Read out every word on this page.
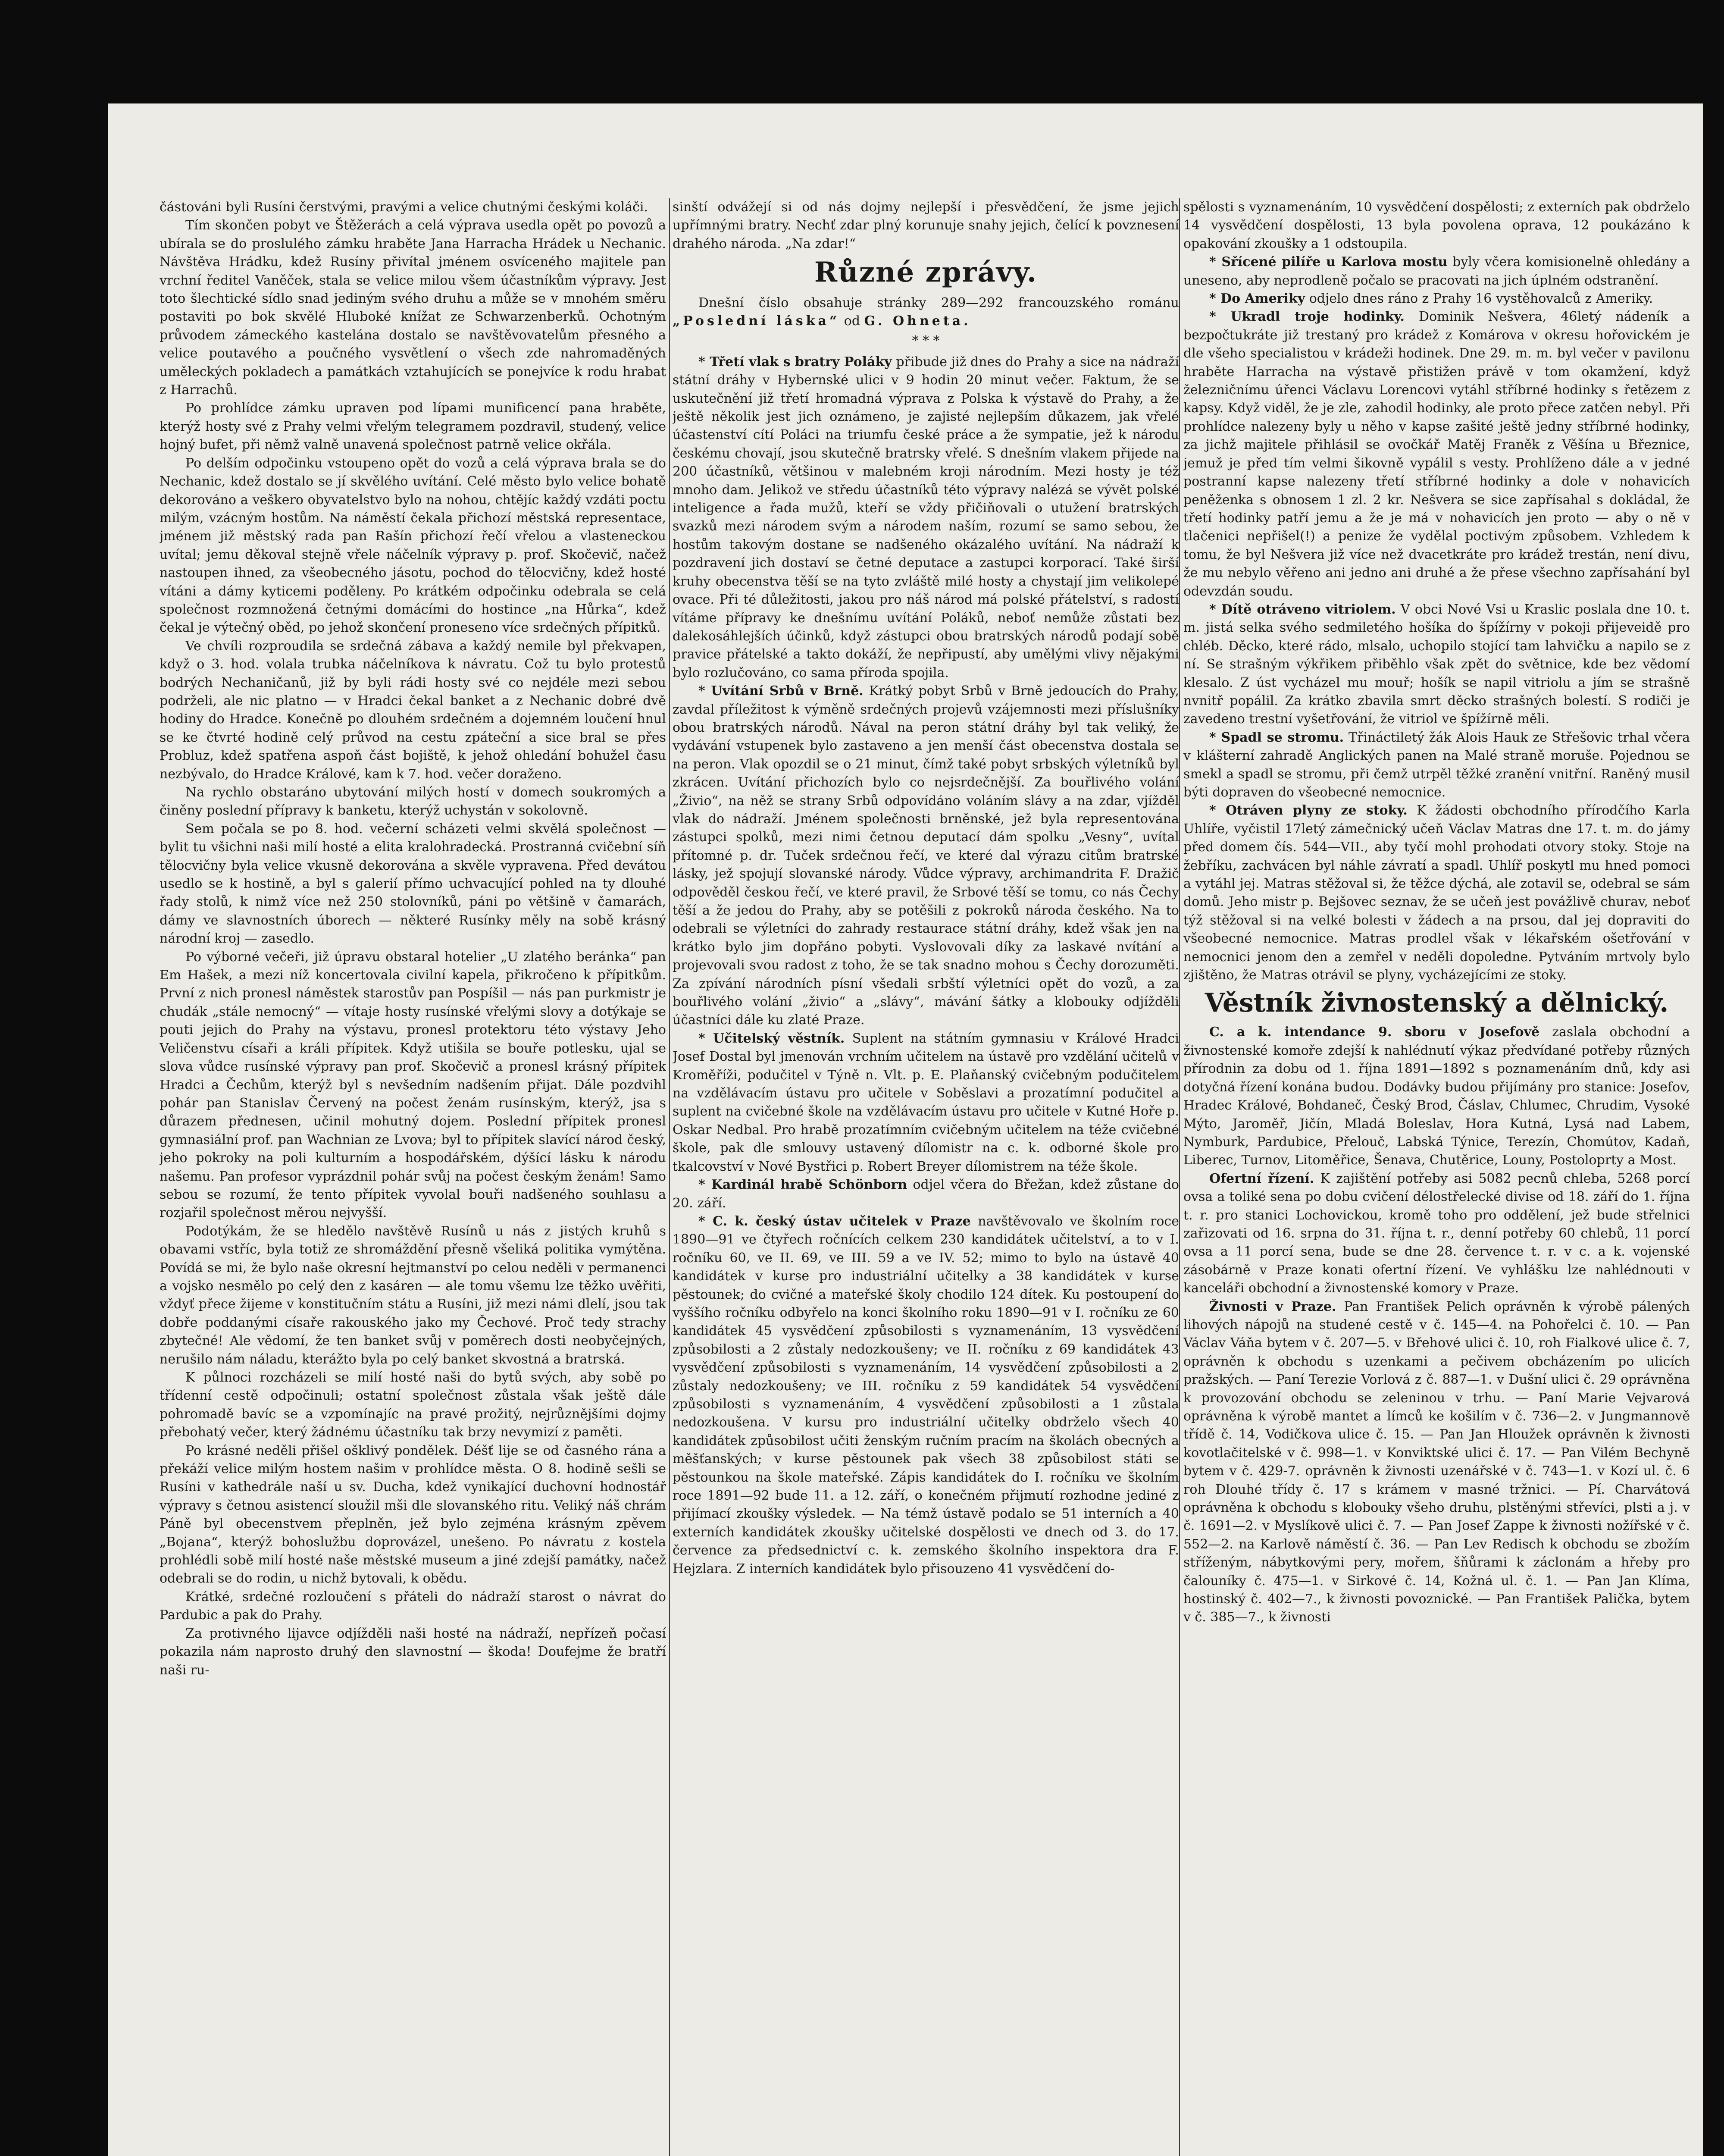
částováni byli Rusíni čerstvými, pravými a velice chutnými českými koláči.

Tím skončen pobyt ve Štěžerách a celá výprava usedla opět po povozů a ubírala se do proslulého zámku hraběte Jana Harracha Hrádek u Nechanic. Návštěva Hrádku, kdež Rusíny přivítal jménem osvíceného majitele pan vrchní ředitel Vaněček, stala se velice milou všem účastníkům výpravy. Jest toto šlechtické sídlo snad jediným svého druhu a může se v mnohém směru postaviti po bok skvělé Hluboké knížat ze Schwarzenberků. Ochotným průvodem zámeckého kastelána dostalo se navštěvovatelům přesného a velice poutavého a poučného vysvětlení o všech zde nahromaděných uměleckých pokladech a památkách vztahujících se ponejvíce k rodu hrabat z Harrachů.

Po prohlídce zámku upraven pod lípami munificencí pana hraběte, kterýž hosty své z Prahy velmi vřelým telegramem pozdravil, studený, velice hojný bufet, při němž valně unavená společnost patrně velice okřála.

Po delším odpočinku vstoupeno opět do vozů a celá výprava brala se do Nechanic, kdež dostalo se jí skvělého uvítání. Celé město bylo velice bohatě dekorováno a veškero obyvatelstvo bylo na nohou, chtějíc každý vzdáti poctu milým, vzácným hostům. Na náměstí čekala přichozí městská representace, jménem již městský rada pan Rašín přichozí řečí vřelou a vlasteneckou uvítal; jemu děkoval stejně vřele náčelník výpravy p. prof. Skočevič, načež nastoupen ihned, za všeobecného jásotu, pochod do tělocvičny, kdež hosté vítáni a dámy kyticemi poděleny. Po krátkém odpočinku odebrala se celá společnost rozmnožená četnými domácími do hostince „na Hůrka“, kdež čekal je výtečný oběd, po jehož skončení proneseno více srdečných přípitků.

Ve chvíli rozproudila se srdečná zábava a každý nemile byl překvapen, když o 3. hod. volala trubka náčelníkova k návratu. Což tu bylo protestů bodrých Nechaničanů, již by byli rádi hosty své co nejdéle mezi sebou podrželi, ale nic platno — v Hradci čekal banket a z Nechanic dobré dvě hodiny do Hradce. Konečně po dlouhém srdečném a dojemném loučení hnul se ke čtvrté hodině celý průvod na cestu zpáteční a sice bral se přes Probluz, kdež spatřena aspoň část bojiště, k jehož ohledání bohužel času nezbývalo, do Hradce Králové, kam k 7. hod. večer doraženo.

Na rychlo obstaráno ubytování milých hostí v domech soukromých a činěny poslední přípravy k banketu, kterýž uchystán v sokolovně.

Sem počala se po 8. hod. večerní scházeti velmi skvělá společnost — bylit tu všichni naši milí hosté a elita kralohradecká. Prostranná cvičební síň tělocvičny byla velice vkusně dekorována a skvěle vypravena. Před devátou usedlo se k hostině, a byl s galerií přímo uchvacující pohled na ty dlouhé řady stolů, k nimž více než 250 stolovníků, páni po většině v čamarách, dámy ve slavnostních úborech — některé Rusínky měly na sobě krásný národní kroj — zasedlo.

Po výborné večeři, již úpravu obstaral hotelier „U zlatého beránka“ pan Em Hašek, a mezi níž koncertovala civilní kapela, přikročeno k přípitkům. První z nich pronesl náměstek starostův pan Pospíšil — nás pan purkmistr je chudák „stále nemocný“ — vítaje hosty rusínské vřelými slovy a dotýkaje se pouti jejich do Prahy na výstavu, pronesl protektoru této výstavy Jeho Veličenstvu císaři a králi přípitek. Když utišila se bouře potlesku, ujal se slova vůdce rusínské výpravy pan prof. Skočevič a pronesl krásný přípitek Hradci a Čechům, kterýž byl s nevšedním nadšením přijat. Dále pozdvihl pohár pan Stanislav Červený na počest ženám rusínským, kterýž, jsa s důrazem přednesen, učinil mohutný dojem. Poslední přípitek pronesl gymnasiální prof. pan Wachnian ze Lvova; byl to přípitek slavící národ český, jeho pokroky na poli kulturním a hospodářském, dýšící lásku k národu našemu. Pan profesor vyprázdnil pohár svůj na počest českým ženám! Samo sebou se rozumí, že tento přípitek vyvolal bouři nadšeného souhlasu a rozjařil společnost měrou nejvyšší.

Podotýkám, že se hledělo navštěvě Rusínů u nás z jistých kruhů s obavami vstříc, byla totiž ze shromáždění přesně všeliká politika vymýtěna. Povídá se mi, že bylo naše okresní hejtmanství po celou neděli v permanenci a vojsko nesmělo po celý den z kasáren — ale tomu všemu lze těžko uvěřiti, vždyť přece žijeme v konstitučním státu a Rusíni, již mezi námi dlelí, jsou tak dobře poddanými císaře rakouského jako my Čechové. Proč tedy strachy zbytečné! Ale vědomí, že ten banket svůj v poměrech dosti neobyčejných, nerušilo nám náladu, kterážto byla po celý banket skvostná a bratrská.

K půlnoci rozcházeli se milí hosté naši do bytů svých, aby sobě po třídenní cestě odpočinuli; ostatní společnost zůstala však ještě dále pohromadě bavíc se a vzpomínajíc na pravé prožitý, nejrůznějšími dojmy přebohatý večer, který žádnému účastníku tak brzy nevymizí z paměti.

Po krásné neděli přišel ošklivý pondělek. Déšť lije se od časného rána a překáží velice milým hostem našim v prohlídce města. O 8. hodině sešli se Rusíni v kathedrále naší u sv. Ducha, kdež vynikající duchovní hodnostář výpravy s četnou asistencí sloužil mši dle slovanského ritu. Veliký náš chrám Páně byl obecenstvem přeplněn, jež bylo zejména krásným zpěvem „Bojana“, kterýž bohoslužbu doprovázel, unešeno. Po návratu z kostela prohlédli sobě milí hosté naše městské museum a jiné zdejší památky, načež odebrali se do rodin, u nichž bytovali, k obědu.

Krátké, srdečné rozloučení s přáteli do nádraží starost o návrat do Pardubic a pak do Prahy.

Za protivného lijavce odjížděli naši hosté na nádraží, nepřízeň počasí pokazila nám naprosto druhý den slavnostní — škoda! Doufejme že bratří naši ru-

sinští odvážejí si od nás dojmy nejlepší i přesvědčení, že jsme jejich upřímnými bratry. Nechť zdar plný korunuje snahy jejich, čelící k povznesení drahého národa. „Na zdar!“

Různé zprávy.

Dnešní číslo obsahuje stránky 289—292 francouzského románu „Poslední láska“ od G. Ohneta.

* * *

* Třetí vlak s bratry Poláky přibude již dnes do Prahy a sice na nádraží státní dráhy v Hybernské ulici v 9 hodin 20 minut večer. Faktum, že se uskutečnění již třetí hromadná výprava z Polska k výstavě do Prahy, a že ještě několik jest jich oznámeno, je zajisté nejlepším důkazem, jak vřelé účastenství cítí Poláci na triumfu české práce a že sympatie, jež k národu českému chovají, jsou skutečně bratrsky vřelé. S dnešním vlakem přijede na 200 účastníků, většinou v malebném kroji národním. Mezi hosty je též mnoho dam. Jelikož ve středu účastníků této výpravy nalézá se vývět polské inteligence a řada mužů, kteří se vždy přičiňovali o utužení bratrských svazků mezi národem svým a národem naším, rozumí se samo sebou, že hostům takovým dostane se nadšeného okázalého uvítání. Na nádraží k pozdravení jich dostaví se četné deputace a zastupci korporací. Také širší kruhy obecenstva těší se na tyto zvláště milé hosty a chystají jim velikolepé ovace. Při té důležitosti, jakou pro náš národ má polské přátelství, s radostí vítáme přípravy ke dnešnímu uvítání Poláků, neboť nemůže zůstati bez dalekosáhlejších účinků, když zástupci obou bratrských národů podají sobě pravice přátelské a takto dokáží, že nepřipustí, aby umělými vlivy nějakými bylo rozlučováno, co sama příroda spojila.

* Uvítání Srbů v Brně. Krátký pobyt Srbů v Brně jedoucích do Prahy, zavdal příležitost k výměně srdečných projevů vzájemnosti mezi příslušníky obou bratrských národů. Nával na peron státní dráhy byl tak veliký, že vydávání vstupenek bylo zastaveno a jen menší část obecenstva dostala se na peron. Vlak opozdil se o 21 minut, čímž také pobyt srbských výletníků byl zkrácen. Uvítání přichozích bylo co nejsrdečnější. Za bouřlivého volání „Živio“, na něž se strany Srbů odpovídáno voláním slávy a na zdar, vjížděl vlak do nádraží. Jménem společnosti brněnské, jež byla representována zástupci spolků, mezi nimi četnou deputací dám spolku „Vesny“, uvítal přítomné p. dr. Tuček srdečnou řečí, ve které dal výrazu citům bratrské lásky, jež spojují slovanské národy. Vůdce výpravy, archimandrita F. Dražič odpověděl českou řečí, ve které pravil, že Srbové těší se tomu, co nás Čechy těší a že jedou do Prahy, aby se potěšili z pokroků národa českého. Na to odebrali se výletníci do zahrady restaurace státní dráhy, kdež však jen na krátko bylo jim dopřáno pobyti. Vyslovovali díky za laskavé nvítání a projevovali svou radost z toho, že se tak snadno mohou s Čechy dorozuměti. Za zpívání národních písní všedali srbští výletníci opět do vozů, a za bouřlivého volání „živio“ a „slávy“, mávání šátky a klobouky odjížděli účastníci dále ku zlaté Praze.

* Učitelský věstník. Suplent na státním gymnasiu v Králové Hradci Josef Dostal byl jmenován vrchním učitelem na ústavě pro vzdělání učitelů v Kroměříži, podučitel v Týně n. Vlt. p. E. Plaňanský cvičebným podučitelem na vzdělávacím ústavu pro učitele v Soběslavi a prozatímní podučitel a suplent na cvičebné škole na vzdělávacím ústavu pro učitele v Kutné Hoře p. Oskar Nedbal. Pro hrabě prozatímním cvičebným učitelem na téže cvičebné škole, pak dle smlouvy ustavený dílomistr na c. k. odborné škole pro tkalcovství v Nové Bystřici p. Robert Breyer dílomistrem na téže škole.

* Kardinál hrabě Schönborn odjel včera do Břežan, kdež zůstane do 20. září.

* C. k. český ústav učitelek v Praze navštěvovalo ve školním roce 1890—91 ve čtyřech ročnících celkem 230 kandidátek učitelství, a to v I. ročníku 60, ve II. 69, ve III. 59 a ve IV. 52; mimo to bylo na ústavě 40 kandidátek v kurse pro industriální učitelky a 38 kandidátek v kurse pěstounek; do cvičné a mateřské školy chodilo 124 dítek. Ku postoupení do vyššího ročníku odbyřelo na konci školního roku 1890—91 v I. ročníku ze 60 kandidátek 45 vysvědčení způsobilosti s vyznamenáním, 13 vysvědčení způsobilosti a 2 zůstaly nedozkoušeny; ve II. ročníku z 69 kandidátek 43 vysvědčení způsobilosti s vyznamenáním, 14 vysvědčení způsobilosti a 2 zůstaly nedozkoušeny; ve III. ročníku z 59 kandidátek 54 vysvědčení způsobilosti s vyznamenáním, 4 vysvědčení způsobilosti a 1 zůstala nedozkoušena. V kursu pro industriální učitelky obdrželo všech 40 kandidátek způsobilost učiti ženským ručním pracím na školách obecných a měšťanských; v kurse pěstounek pak všech 38 způsobilost státi se pěstounkou na škole mateřské. Zápis kandidátek do I. ročníku ve školním roce 1891—92 bude 11. a 12. září, o konečném přijmutí rozhodne jediné z přijímací zkoušky výsledek. — Na témž ústavě podalo se 51 interních a 40 externích kandidátek zkoušky učitelské dospělosti ve dnech od 3. do 17. července za předsednictví c. k. zemského školního inspektora dra F. Hejzlara. Z interních kandidátek bylo přisouzeno 41 vysvědčení do-

spělosti s vyznamenáním, 10 vysvědčení dospělosti; z externích pak obdrželo 14 vysvědčení dospělosti, 13 byla povolena oprava, 12 poukázáno k opakování zkoušky a 1 odstoupila.

* Sřícené pilíře u Karlova mostu byly včera komisionelně ohledány a uneseno, aby neprodleně počalo se pracovati na jich úplném odstranění.

* Do Ameriky odjelo dnes ráno z Prahy 16 vystěhovalců z Ameriky.

* Ukradl troje hodinky. Dominik Nešvera, 46letý nádeník a bezpočtukráte již trestaný pro krádež z Komárova v okresu hořovickém je dle všeho specialistou v krádeži hodinek. Dne 29. m. m. byl večer v pavilonu hraběte Harracha na výstavě přistižen právě v tom okamžení, když železničnímu úřenci Václavu Lorencovi vytáhl stříbrné hodinky s řetězem z kapsy. Když viděl, že je zle, zahodil hodinky, ale proto přece zatčen nebyl. Při prohlídce nalezeny byly u něho v kapse zašité ještě jedny stříbrné hodinky, za jichž majitele přihlásil se ovočkář Matěj Franěk z Věšína u Březnice, jemuž je před tím velmi šikovně vypálil s vesty. Prohlíženo dále a v jedné postranní kapse nalezeny třetí stříbrné hodinky a dole v nohavicích peněženka s obnosem 1 zl. 2 kr. Nešvera se sice zapřísahal s dokládal, že třetí hodinky patří jemu a že je má v nohavicích jen proto — aby o ně v tlačenici nepřišel(!) a penize že vydělal poctivým způsobem. Vzhledem k tomu, že byl Nešvera již více než dvacetkráte pro krádež trestán, není divu, že mu nebylo věřeno ani jedno ani druhé a že přese všechno zapřísahání byl odevzdán soudu.

* Dítě otráveno vitriolem. V obci Nové Vsi u Kraslic poslala dne 10. t. m. jistá selka svého sedmiletého hošíka do špížírny v pokoji přijeveidě pro chléb. Děcko, které rádo, mlsalo, uchopilo stojící tam lahvičku a napilo se z ní. Se strašným výkřikem přiběhlo však zpět do světnice, kde bez vědomí klesalo. Z úst vycházel mu mouř; hošík se napil vitriolu a jím se strašně nvnitř popálil. Za krátko zbavila smrt děcko strašných bolestí. S rodiči je zavedeno trestní vyšetřování, že vitriol ve špížírně měli.

* Spadl se stromu. Třináctiletý žák Alois Hauk ze Střešovic trhal včera v klášterní zahradě Anglických panen na Malé straně moruše. Pojednou se smekl a spadl se stromu, při čemž utrpěl těžké zranění vnitřní. Raněný musil býti dopraven do všeobecné nemocnice.

* Otráven plyny ze stoky. K žádosti obchodního přírodčího Karla Uhlíře, vyčistil 17letý zámečnický učeň Václav Matras dne 17. t. m. do jámy před domem čís. 544—VII., aby tyčí mohl prohodati otvory stoky. Stoje na žebříku, zachvácen byl náhle závratí a spadl. Uhlíř poskytl mu hned pomoci a vytáhl jej. Matras stěžoval si, že těžce dýchá, ale zotavil se, odebral se sám domů. Jeho mistr p. Bejšovec seznav, že se učeň jest povážlivě churav, neboť týž stěžoval si na velké bolesti v žádech a na prsou, dal jej dopraviti do všeobecné nemocnice. Matras prodlel však v lékařském ošetřování v nemocnici jenom den a zemřel v neděli dopoledne. Pytváním mrtvoly bylo zjištěno, že Matras otrávil se plyny, vycházejícími ze stoky.

Věstník živnostenský a dělnický.

C. a k. intendance 9. sboru v Josefově zaslala obchodní a živnostenské komoře zdejší k nahlédnutí výkaz předvídané potřeby různých přírodnin za dobu od 1. října 1891—1892 s poznamenáním dnů, kdy asi dotyčná řízení konána budou. Dodávky budou přijímány pro stanice: Josefov, Hradec Králové, Bohdaneč, Český Brod, Čáslav, Chlumec, Chrudim, Vysoké Mýto, Jaroměř, Jičín, Mladá Boleslav, Hora Kutná, Lysá nad Labem, Nymburk, Pardubice, Přelouč, Labská Týnice, Terezín, Chomútov, Kadaň, Liberec, Turnov, Litoměřice, Šenava, Chutěrice, Louny, Postoloprty a Most.

Ofertní řízení. K zajištění potřeby asi 5082 pecnů chleba, 5268 porcí ovsa a toliké sena po dobu cvičení délostřelecké divise od 18. září do 1. října t. r. pro stanici Lochovickou, kromě toho pro oddělení, jež bude střelnici zařizovati od 16. srpna do 31. října t. r., denní potřeby 60 chlebů, 11 porcí ovsa a 11 porcí sena, bude se dne 28. července t. r. v c. a k. vojenské zásobárně v Praze konati ofertní řízení. Ve vyhlášku lze nahlédnouti v kanceláři obchodní a živnostenské komory v Praze.

Živnosti v Praze. Pan František Pelich oprávněn k výrobě pálených lihových nápojů na studené cestě v č. 145—4. na Pohořelci č. 10. — Pan Václav Váňa bytem v č. 207—5. v Břehové ulici č. 10, roh Fialkové ulice č. 7, oprávněn k obchodu s uzenkami a pečivem obcházením po ulicích pražských. — Paní Terezie Vorlová z č. 887—1. v Dušní ulici č. 29 oprávněna k provozování obchodu se zeleninou v trhu. — Paní Marie Vejvarová oprávněna k výrobě mantet a límců ke košilím v č. 736—2. v Jungmannově třídě č. 14, Vodičkova ulice č. 15. — Pan Jan Hloužek oprávněn k živnosti kovotlačitelské v č. 998—1. v Konviktské ulici č. 17. — Pan Vilém Bechyně bytem v č. 429-7. oprávněn k živnosti uzenářské v č. 743—1. v Kozí ul. č. 6 roh Dlouhé třídy č. 17 s krámem v masné tržnici. — Pí. Charvátová oprávněna k obchodu s klobouky všeho druhu, plstěnými střevíci, plsti a j. v č. 1691—2. v Myslíkově ulici č. 7. — Pan Josef Zappe k živnosti nožířské v č. 552—2. na Karlově náměstí č. 36. — Pan Lev Redisch k obchodu se zbožím stříženým, nábytkovými pery, mořem, šňůrami k záclonám a hřeby pro čalouníky č. 475—1. v Sirkové č. 14, Kožná ul. č. 1. — Pan Jan Klíma, hostinský č. 402—7., k živnosti povoznické. — Pan František Palička, bytem v č. 385—7., k živnosti
